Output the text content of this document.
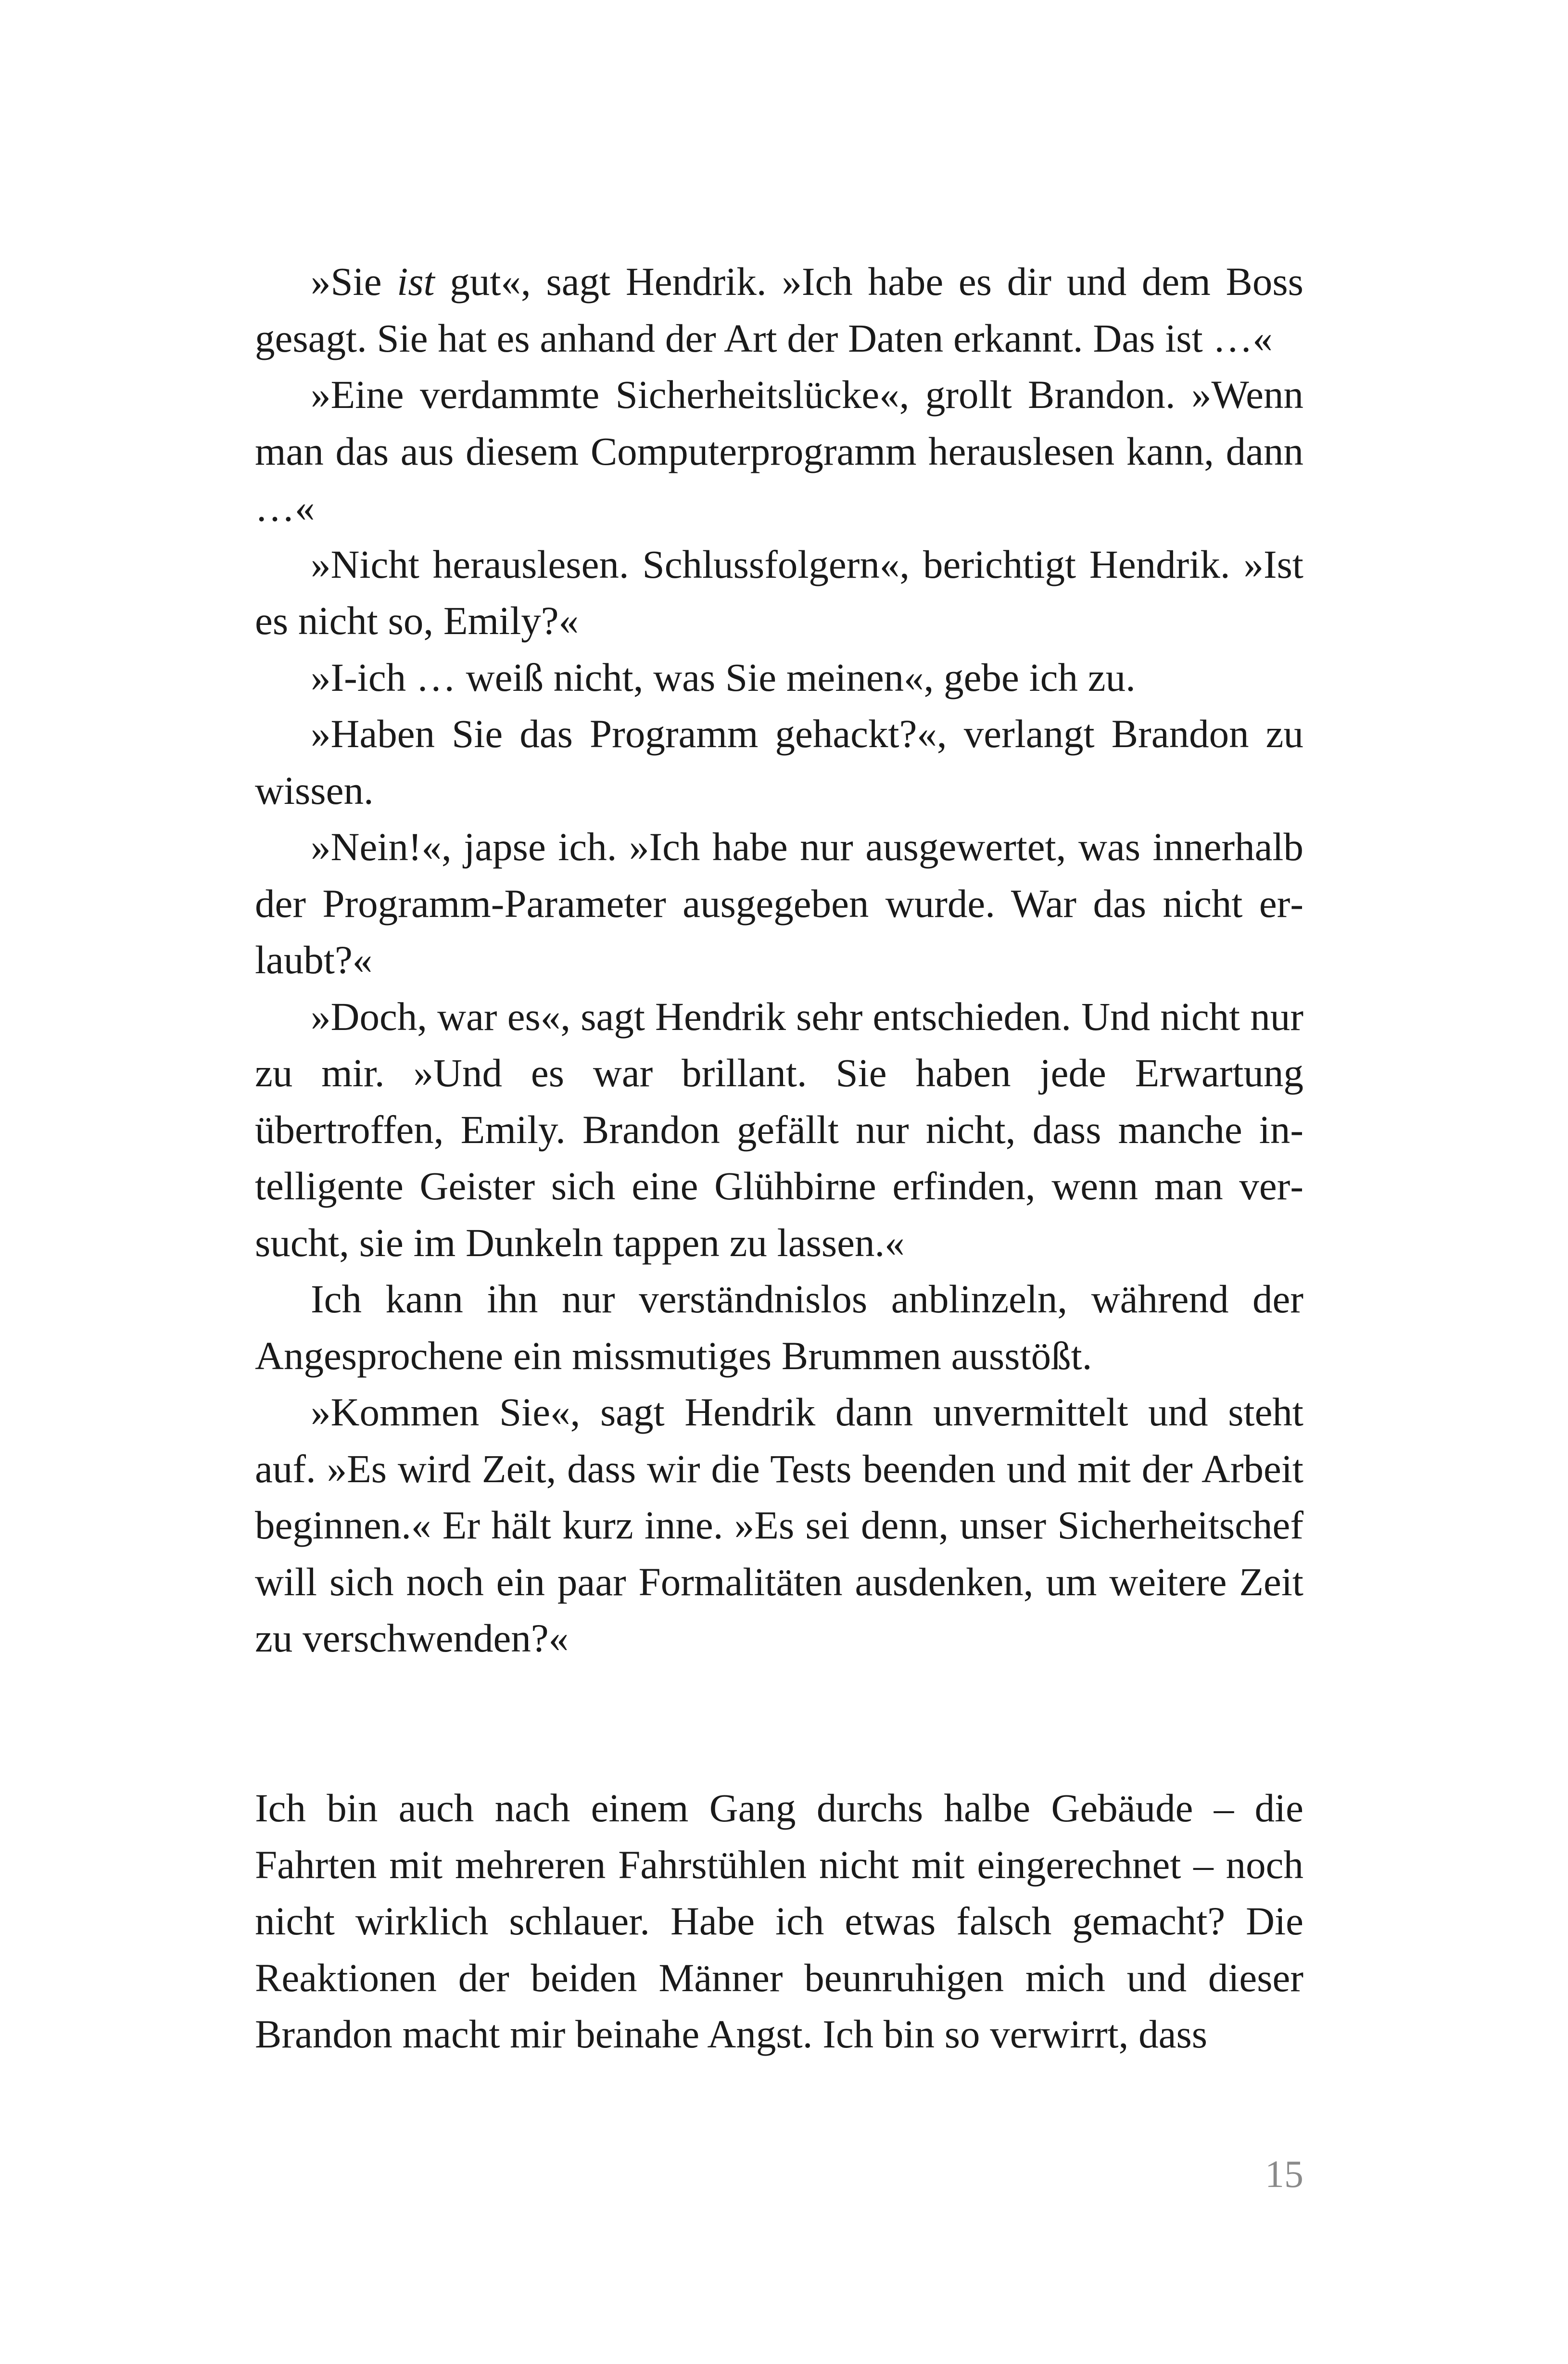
»Sie ist gut«, sagt Hendrik. »Ich habe es dir und dem Boss gesagt. Sie hat es anhand der Art der Daten erkannt. Das ist …«

»Eine verdammte Sicherheitslücke«, grollt Brandon. »Wenn man das aus diesem Computerprogramm herauslesen kann, dann …«

»Nicht herauslesen. Schlussfolgern«, berichtigt Hendrik. »Ist es nicht so, Emily?«

»I-ich … weiß nicht, was Sie meinen«, gebe ich zu.

»Haben Sie das Programm gehackt?«, verlangt Brandon zu wissen.

»Nein!«, japse ich. »Ich habe nur ausgewertet, was innerhalb der Programm-Parameter ausgegeben wurde. War das nicht erlaubt?«

»Doch, war es«, sagt Hendrik sehr entschieden. Und nicht nur zu mir. »Und es war brillant. Sie haben jede Erwartung übertroffen, Emily. Brandon gefällt nur nicht, dass manche intelligente Geister sich eine Glühbirne erfinden, wenn man versucht, sie im Dunkeln tappen zu lassen.«

Ich kann ihn nur verständnislos anblinzeln, während der Angesprochene ein missmutiges Brummen ausstößt.

»Kommen Sie«, sagt Hendrik dann unvermittelt und steht auf. »Es wird Zeit, dass wir die Tests beenden und mit der Arbeit beginnen.« Er hält kurz inne. »Es sei denn, unser Sicherheitschef will sich noch ein paar Formalitäten ausdenken, um weitere Zeit zu verschwenden?«

Ich bin auch nach einem Gang durchs halbe Gebäude – die Fahrten mit mehreren Fahrstühlen nicht mit eingerechnet – noch nicht wirklich schlauer. Habe ich etwas falsch gemacht? Die Reaktionen der beiden Männer beunruhigen mich und dieser Brandon macht mir beinahe Angst. Ich bin so verwirrt, dass

15
